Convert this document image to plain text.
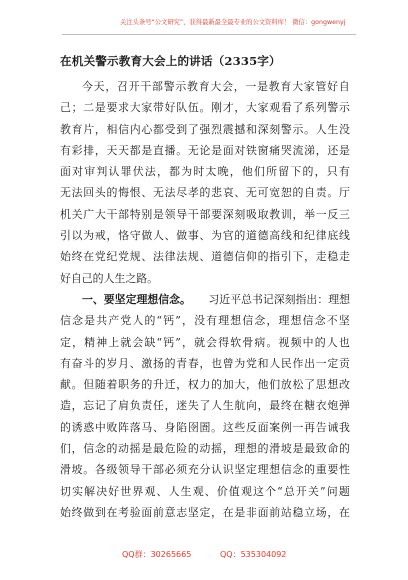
关注头条号“公文研究”，获得最新最全最专业的公文资料库！ 微信：gongwenyj
在机关警示教育大会上的讲话（2335字）
今 天 ， 召 开 干 部 警 示 教 育 大 会 ， 一 是 教 育 大 家 管 好 自
己 ； 二 是 要 求 大 家 带 好 队 伍 。 刚 才 ， 大 家 观 看 了 系 列 警 示
教 育 片 ， 相 信 内 心 都 受 到 了 强 烈 震 撼 和 深 刻 警 示 。 人 生 没
有 彩 排 ， 天 天 都 是 直 播 。 无 论 是 面 对 铁 窗 痛 哭 流 涕 ， 还 是
面 对 审 判 认 罪 伏 法 ， 都 为 时 太 晚 ， 他 们 所 留 下 的 ， 只 有
无 法 回 头 的 悔 恨 、 无 法 尽 孝 的 悲 哀 、 无 可 宽 恕 的 自 责 。 厅
机 关 广 大 干 部 特 别 是 领 导 干 部 要 深 刻 吸 取 教 训 ， 举 一 反 三
引 以 为 戒 ， 恪 守 做 人 、 做 事 、 为 官 的 道 德 高 线 和 纪 律 底 线
始 终 在 党 纪 党 规 、 法 律 法 规 、 道 德 信 仰 的 指 引 下 ， 走 稳 走
好自己的人生之路。
一、要坚定理想信念。 习近平总书记深刻指出：理想
信 念 是 共 产 党 人 的 “ 钙 ” ， 没 有 理 想 信 念 ， 理 想 信 念 不 坚
定 ， 精 神 上 就 会 缺 “ 钙 ” ， 就 会 得 软 骨 病 。 视 频 中 的 人 也
有 奋 斗 的 岁 月 、 激 扬 的 青 春 ， 也 曾 为 党 和 人 民 作 出 一 定 贡
献 。 但 随 着 职 务 的 升 迁 ， 权 力 的 加 大 ， 他 们 放 松 了 思 想 改
造 ， 忘 记 了 肩 负 责 任 ， 迷 失 了 人 生 航 向 ， 最 终 在 糖 衣 炮 弹
的 诱 惑 中 败 阵 落 马 、 身 陷 囹 圄 。 这 些 反 面 案 例 一 再 告 诫 我
们 ， 信 念 的 动 摇 是 最 危 险 的 动 摇 ， 理 想 的 滑 坡 是 最 致 命 的
滑 坡 。 各 级 领 导 干 部 必 须 充 分 认 识 坚 定 理 想 信 念 的 重 要 性
切 实 解 决 好 世 界 观 、 人 生 观 、 价 值 观 这 个 “ 总 开 关 ” 问 题
始 终 做 到 在 考 验 面 前 意 志 坚 定 ， 在 是 非 面 前 站 稳 立 场 ， 在
QQ群：30265665	QQ：535304092
